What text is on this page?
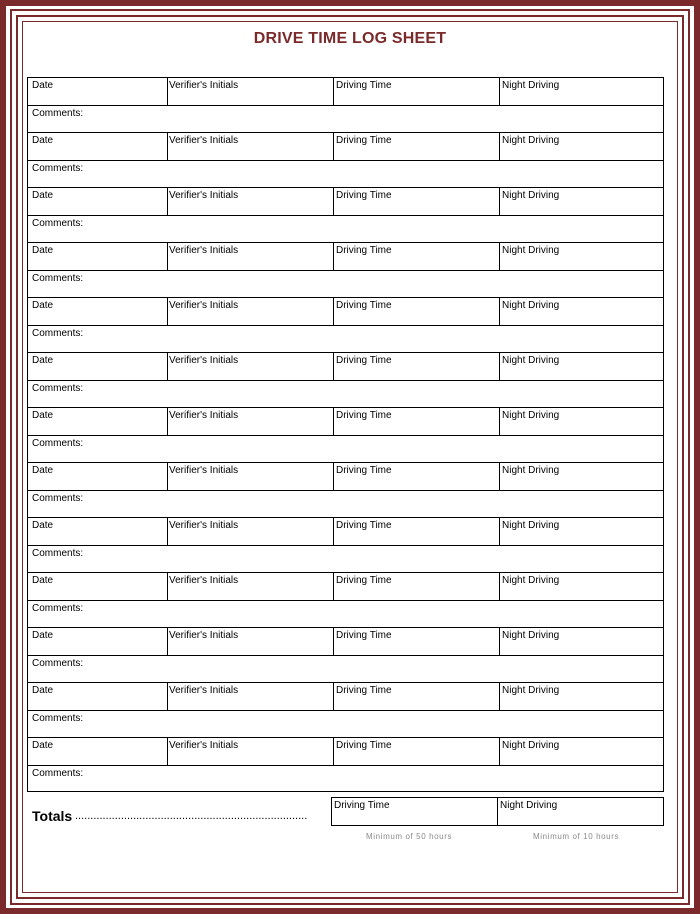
DRIVE TIME LOG SHEET
Date	Verifier's Initials	Driving Time	Night Driving
Comments:
Date	Verifier's Initials	Driving Time	Night Driving
Comments:
Date	Verifier's Initials	Driving Time	Night Driving
Comments:
Date	Verifier's Initials	Driving Time	Night Driving
Comments:
Date	Verifier's Initials	Driving Time	Night Driving
Comments:
Date	Verifier's Initials	Driving Time	Night Driving
Comments:
Date	Verifier's Initials	Driving Time	Night Driving
Comments:
Date	Verifier's Initials	Driving Time	Night Driving
Comments:
Date	Verifier's Initials	Driving Time	Night Driving
Comments:
Date	Verifier's Initials	Driving Time	Night Driving
Comments:
Date	Verifier's Initials	Driving Time	Night Driving
Comments:
Date	Verifier's Initials	Driving Time	Night Driving
Comments:
Date	Verifier's Initials	Driving Time	Night Driving
Comments:
Totals ............................................................................
Driving Time	Night Driving
Minimum of 50 hours	Minimum of 10 hours
